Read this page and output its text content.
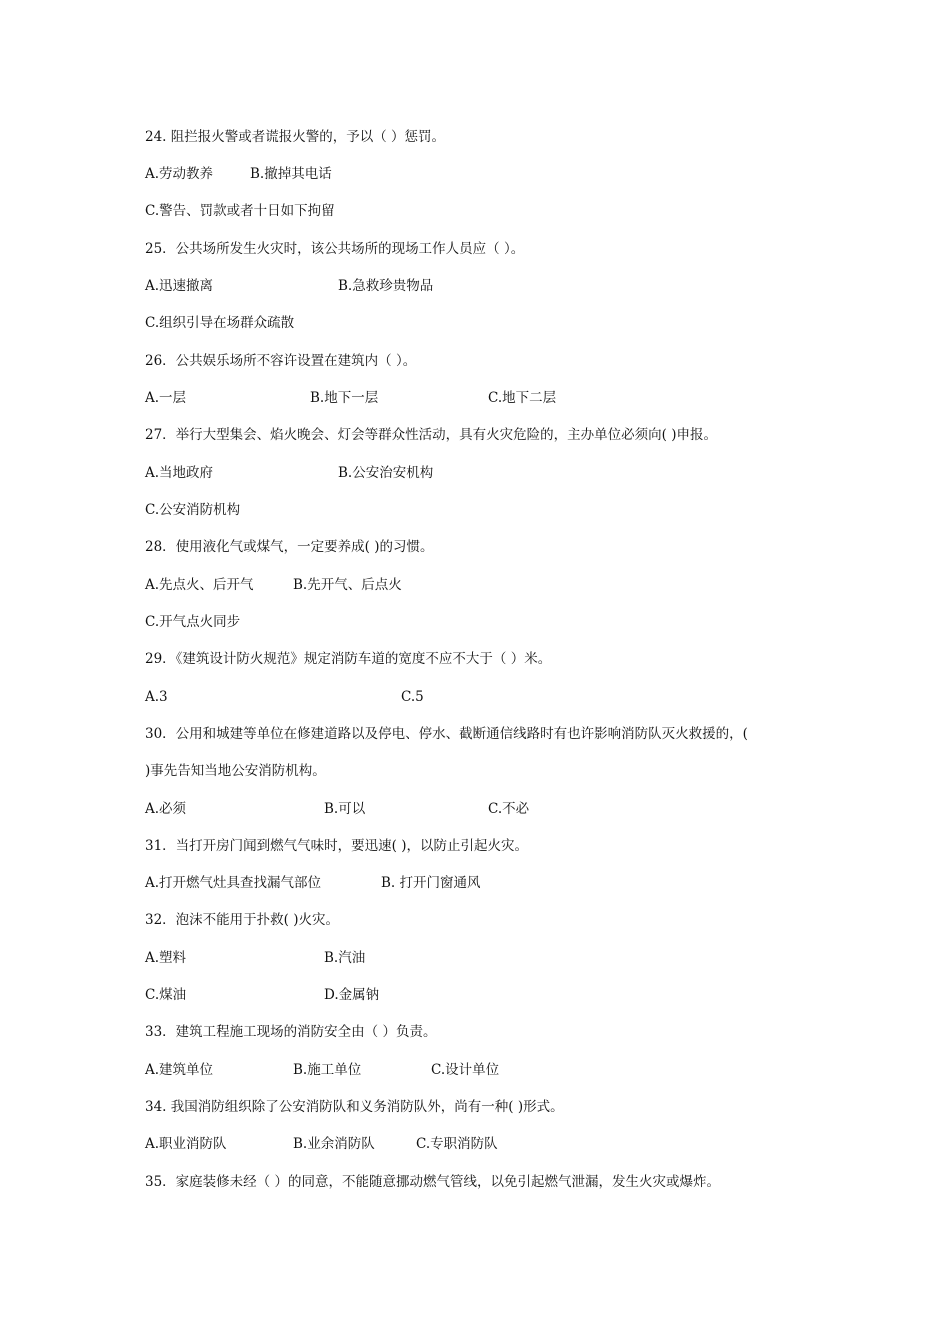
24. 阻拦报火警或者谎报火警的，予以（ ）惩罚。
A.劳动教养	B.撤掉其电话
C.警告、罚款或者十日如下拘留
25．公共场所发生火灾时，该公共场所的现场工作人员应（ ）。
A.迅速撤离	B.急救珍贵物品
C.组织引导在场群众疏散
26．公共娱乐场所不容许设置在建筑内（ ）。
A.一层	B.地下一层	C.地下二层
27．举行大型集会、焰火晚会、灯会等群众性活动，具有火灾危险的，主办单位必须向( )申报。
A.当地政府	B.公安治安机构
C.公安消防机构
28．使用液化气或煤气，一定要养成( )的习惯。
A.先点火、后开气	B.先开气、后点火
C.开气点火同步
29．《建筑设计防火规范》规定消防车道的宽度不应不大于（ ）米。
A.3	C.5
30．公用和城建等单位在修建道路以及停电、停水、截断通信线路时有也许影响消防队灭火救援的，(
)事先告知当地公安消防机构。
A.必须	B.可以	C.不必
31．当打开房门闻到燃气气味时，要迅速( )，以防止引起火灾。
A.打开燃气灶具查找漏气部位	B. 打开门窗通风
32．泡沫不能用于扑救( )火灾。
A.塑料	B.汽油
C.煤油	D.金属钠
33．建筑工程施工现场的消防安全由（ ）负责。
A.建筑单位	B.施工单位	C.设计单位
34. 我国消防组织除了公安消防队和义务消防队外，尚有一种( )形式。
A.职业消防队	B.业余消防队	C.专职消防队
35．家庭装修未经（ ）的同意，不能随意挪动燃气管线，以免引起燃气泄漏，发生火灾或爆炸。
